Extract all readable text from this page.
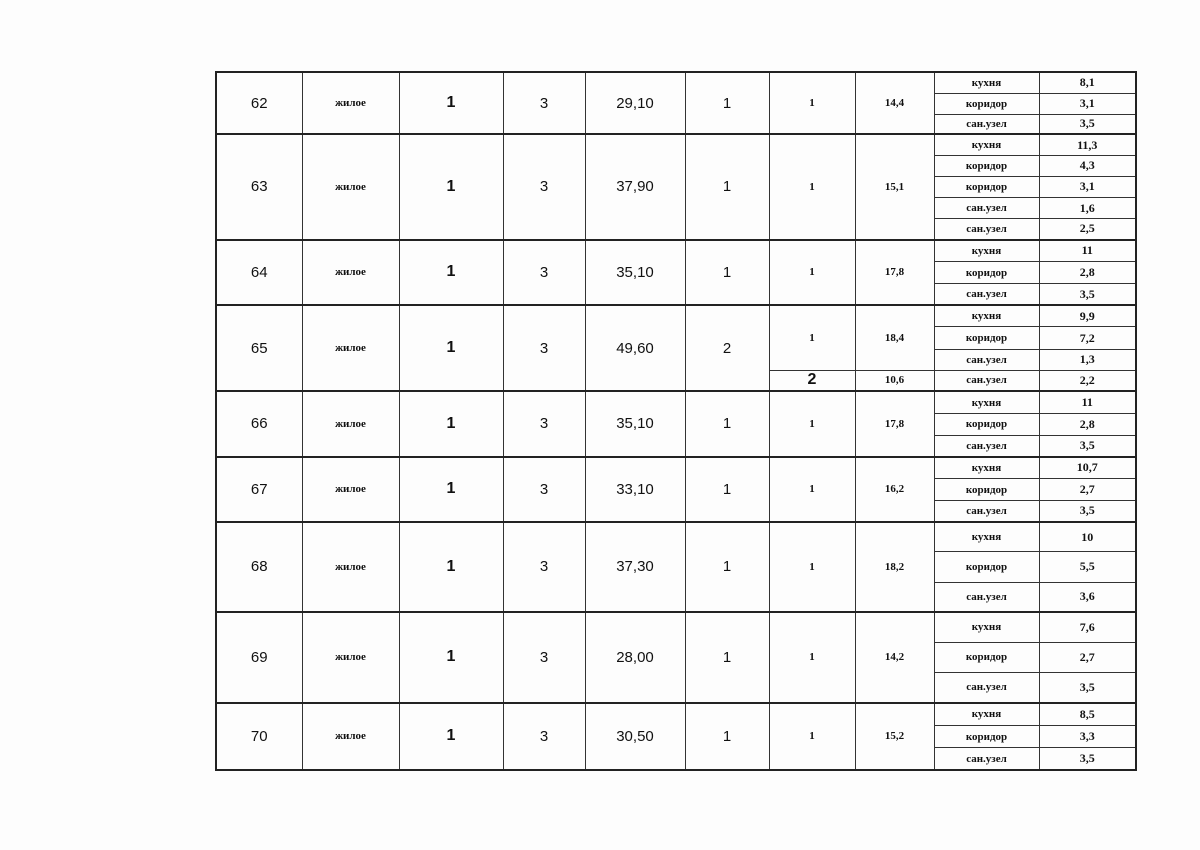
62	жилое	1	3	29,10	1	1	14,4	кухня	8,1
								коридор	3,1
								сан.узел	3,5
63	жилое	1	3	37,90	1	1	15,1	кухня	11,3
								коридор	4,3
								коридор	3,1
								сан.узел	1,6
								сан.узел	2,5
64	жилое	1	3	35,10	1	1	17,8	кухня	11
								коридор	2,8
								сан.узел	3,5
65	жилое	1	3	49,60	2	1	18,4	кухня	9,9
								коридор	7,2
								сан.узел	1,3
						2	10,6	сан.узел	2,2
66	жилое	1	3	35,10	1	1	17,8	кухня	11
								коридор	2,8
								сан.узел	3,5
67	жилое	1	3	33,10	1	1	16,2	кухня	10,7
								коридор	2,7
								сан.узел	3,5
68	жилое	1	3	37,30	1	1	18,2	кухня	10
								коридор	5,5
								сан.узел	3,6
69	жилое	1	3	28,00	1	1	14,2	кухня	7,6
								коридор	2,7
								сан.узел	3,5
70	жилое	1	3	30,50	1	1	15,2	кухня	8,5
								коридор	3,3
								сан.узел	3,5
